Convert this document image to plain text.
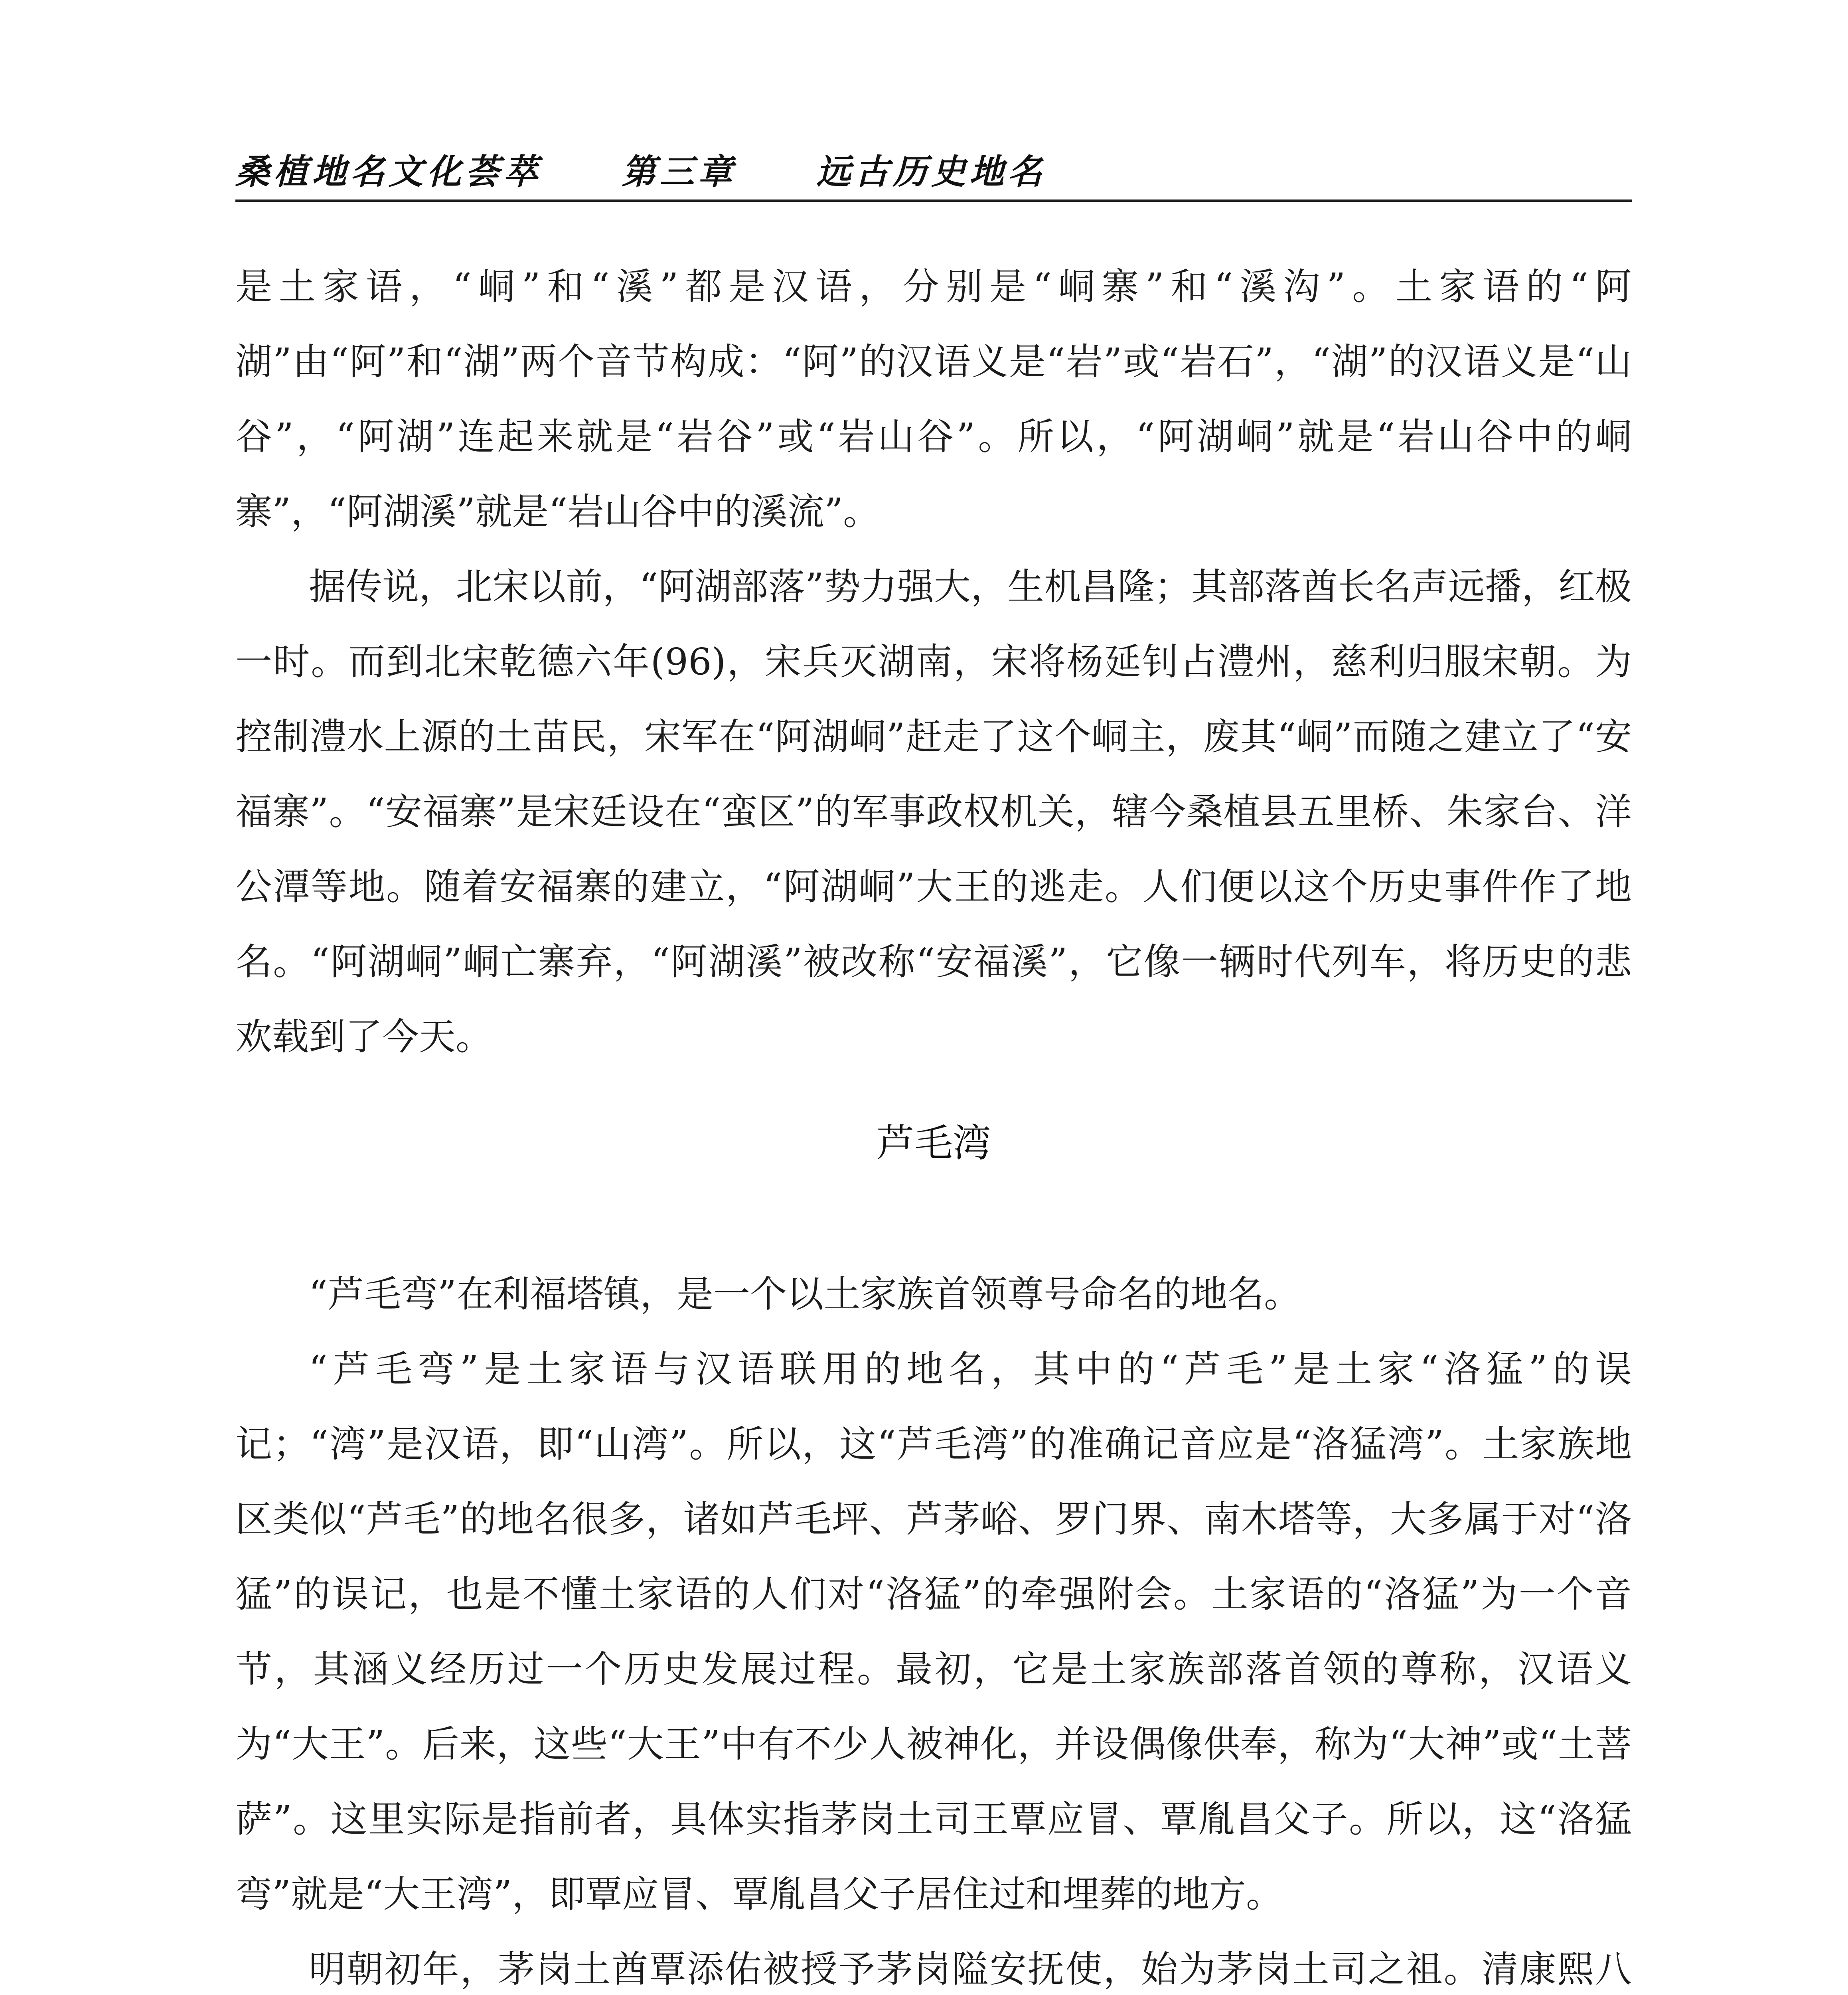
桑植地名文化荟萃 第三章 远古历史地名

是土家语，“峒”和“溪”都是汉语，分别是“峒寨”和“溪沟”。土家语的“阿湖”由“阿”和“湖”两个音节构成：“阿”的汉语义是“岩”或“岩石”，“湖”的汉语义是“山谷”，“阿湖”连起来就是“岩谷”或“岩山谷”。所以，“阿湖峒”就是“岩山谷中的峒寨”，“阿湖溪”就是“岩山谷中的溪流”。

据传说，北宋以前，“阿湖部落”势力强大，生机昌隆；其部落酋长名声远播，红极一时。而到北宋乾德六年(96)，宋兵灭湖南，宋将杨延钊占澧州，慈利归服宋朝。为控制澧水上源的土苗民，宋军在“阿湖峒”赶走了这个峒主，废其“峒”而随之建立了“安福寨”。“安福寨”是宋廷设在“蛮区”的军事政权机关，辖今桑植县五里桥、朱家台、洋公潭等地。随着安福寨的建立，“阿湖峒”大王的逃走。人们便以这个历史事件作了地名。“阿湖峒”峒亡寨弃，“阿湖溪”被改称“安福溪”，它像一辆时代列车，将历史的悲欢载到了今天。

芦毛湾

“芦毛弯”在利福塔镇，是一个以土家族首领尊号命名的地名。

“芦毛弯”是土家语与汉语联用的地名，其中的“芦毛”是土家“洛猛”的误记；“湾”是汉语，即“山湾”。所以，这“芦毛湾”的准确记音应是“洛猛湾”。土家族地区类似“芦毛”的地名很多，诸如芦毛坪、芦茅峪、罗门界、南木塔等，大多属于对“洛猛”的误记，也是不懂土家语的人们对“洛猛”的牵强附会。土家语的“洛猛”为一个音节，其涵义经历过一个历史发展过程。最初，它是土家族部落首领的尊称，汉语义为“大王”。后来，这些“大王”中有不少人被神化，并设偶像供奉，称为“大神”或“土菩萨”。这里实际是指前者，具体实指茅岗土司王覃应冒、覃胤昌父子。所以，这“洛猛弯”就是“大王湾”，即覃应冒、覃胤昌父子居住过和埋葬的地方。

明朝初年，茅岗土酋覃添佑被授予茅岗隘安抚使，始为茅岗土司之祖。清康熙八
